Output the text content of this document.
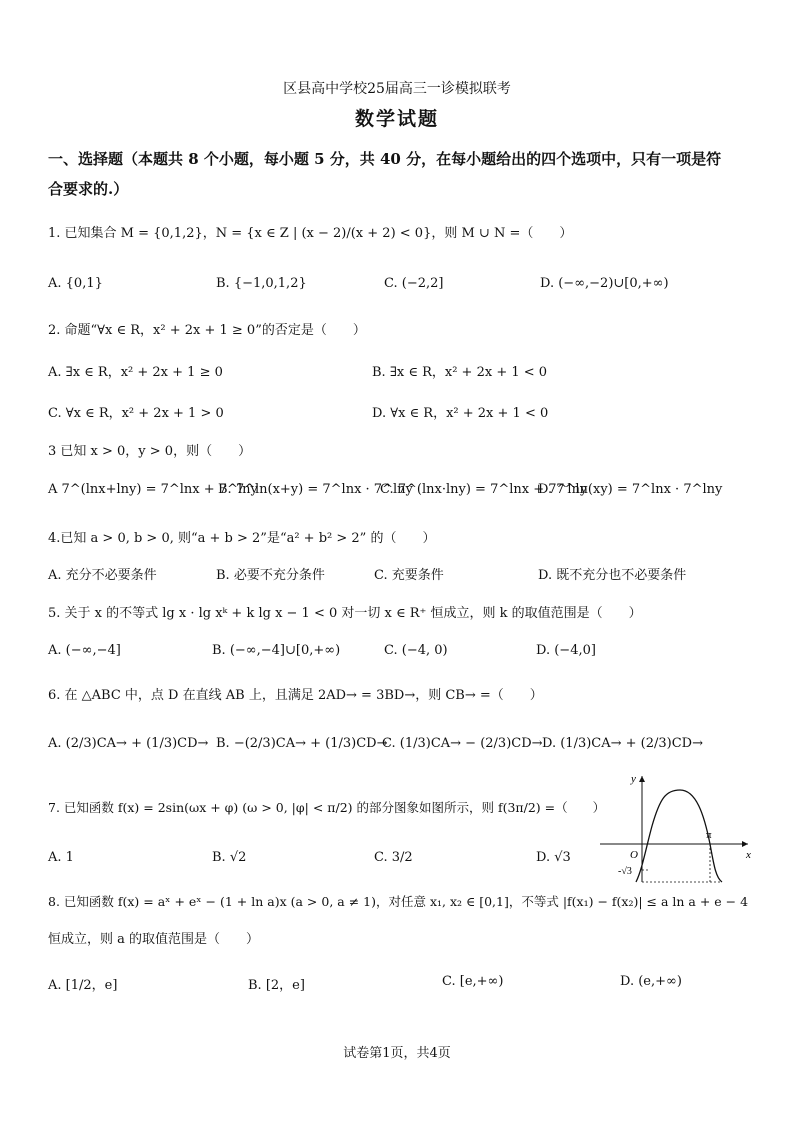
区县高中学校25届高三一诊模拟联考
数学试题
一、选择题（本题共 8 个小题，每小题 5 分，共 40 分，在每小题给出的四个选项中，只有一项是符
合要求的.）
1. 已知集合 M = {0,1,2}，N = {x ∈ Z | (x − 2)/(x + 2) < 0}，则 M ∪ N =（　　）
A. {0,1}	B. {−1,0,1,2}	C. (−2,2]	D. (−∞,−2)∪[0,+∞)
2. 命题“∀x ∈ R，x² + 2x + 1 ≥ 0”的否定是（　　）
A. ∃x ∈ R，x² + 2x + 1 ≥ 0	B. ∃x ∈ R，x² + 2x + 1 < 0
C. ∀x ∈ R，x² + 2x + 1 > 0	D. ∀x ∈ R，x² + 2x + 1 < 0
3 已知 x > 0，y > 0，则（　　）
A 7^(lnx+lny) = 7^lnx + 7^lny
B. 7^ln(x+y) = 7^lnx · 7^lny
C. 7^(lnx·lny) = 7^lnx + 7^lny
D. 7^ln(xy) = 7^lnx · 7^lny
4.已知 a > 0, b > 0, 则“a + b > 2”是“a² + b² > 2” 的（　　）
A. 充分不必要条件	B. 必要不充分条件	C. 充要条件	D. 既不充分也不必要条件
5. 关于 x 的不等式 lg x · lg xᵏ + k lg x − 1 < 0 对一切 x ∈ R⁺ 恒成立，则 k 的取值范围是（　　）
A. (−∞,−4]	B. (−∞,−4]∪[0,+∞)	C. (−4, 0)	D. (−4,0]
6. 在 △ABC 中，点 D 在直线 AB 上，且满足 2AD→ = 3BD→，则 CB→ =（　　）
A. (2/3)CA→ + (1/3)CD→ B. −(2/3)CA→ + (1/3)CD→
C. (1/3)CA→ − (2/3)CD→ D. (1/3)CA→ + (2/3)CD→
7. 已知函数 f(x) = 2sin(ωx + φ) (ω > 0, |φ| < π/2) 的部分图象如图所示，则 f(3π/2) =（　　）
A. 1	B. √2	C. 3/2	D. √3
y
x
O
π
-√3
8. 已知函数 f(x) = aˣ + eˣ − (1 + ln a)x (a > 0, a ≠ 1)，对任意 x₁, x₂ ∈ [0,1]，不等式 |f(x₁) − f(x₂)| ≤ a ln a + e − 4
恒成立，则 a 的取值范围是（　　）
A. [1/2，e]	B. [2，e]	C. [e,+∞)	D. (e,+∞)
试卷第1页，共4页
